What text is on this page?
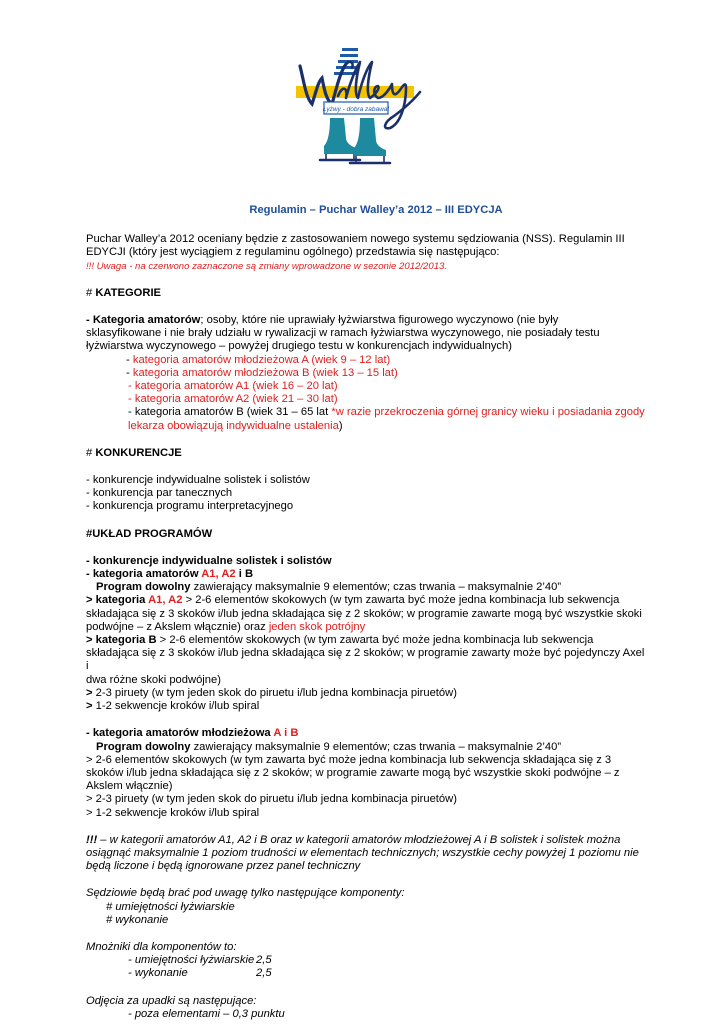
Łyżwy - dobra zabawa!

Regulamin – Puchar Walley’a 2012 – III EDYCJA

Puchar Walley’a 2012 oceniany będzie z zastosowaniem nowego systemu sędziowania (NSS). Regulamin III

EDYCJI (który jest wyciągiem z regulaminu ogólnego) przedstawia się następująco:

!!! Uwaga - na czerwono zaznaczone są zmiany wprowadzone w sezonie 2012/2013.

# KATEGORIE

- Kategoria amatorów; osoby, które nie uprawiały łyżwiarstwa figurowego wyczynowo (nie były

sklasyfikowane i nie brały udziału w rywalizacji w ramach łyżwiarstwa wyczynowego, nie posiadały testu

łyżwiarstwa wyczynowego – powyżej drugiego testu w konkurencjach indywidualnych)

- kategoria amatorów młodzieżowa A (wiek 9 – 12 lat)

- kategoria amatorów młodzieżowa B (wiek 13 – 15 lat)

- kategoria amatorów A1 (wiek 16 – 20 lat)

- kategoria amatorów A2 (wiek 21 – 30 lat)

- kategoria amatorów B (wiek 31 – 65 lat *w razie przekroczenia górnej granicy wieku i posiadania zgody

lekarza obowiązują indywidualne ustalenia)

# KONKURENCJE

- konkurencje indywidualne solistek i solistów

- konkurencja par tanecznych

- konkurencja programu interpretacyjnego

#UKŁAD PROGRAMÓW

- konkurencje indywidualne solistek i solistów

- kategoria amatorów A1, A2 i B

Program dowolny zawierający maksymalnie 9 elementów; czas trwania – maksymalnie 2’40”

> kategoria A1, A2 > 2-6 elementów skokowych (w tym zawarta być może jedna kombinacja lub sekwencja

składająca się z 3 skoków i/lub jedna składająca się z 2 skoków; w programie zawarte mogą być wszystkie skoki

podwójne – z Akslem włącznie) oraz jeden skok potrójny

> kategoria B > 2-6 elementów skokowych (w tym zawarta być może jedna kombinacja lub sekwencja

składająca się z 3 skoków i/lub jedna składająca się z 2 skoków; w programie zawarty może być pojedynczy Axel i

dwa różne skoki podwójne)

> 2-3 piruety (w tym jeden skok do piruetu i/lub jedna kombinacja piruetów)

> 1-2 sekwencje kroków i/lub spiral

- kategoria amatorów młodzieżowa A i B

Program dowolny zawierający maksymalnie 9 elementów; czas trwania – maksymalnie 2’40”

> 2-6 elementów skokowych (w tym zawarta być może jedna kombinacja lub sekwencja składająca się z 3

skoków i/lub jedna składająca się z 2 skoków; w programie zawarte mogą być wszystkie skoki podwójne – z

Akslem włącznie)

> 2-3 piruety (w tym jeden skok do piruetu i/lub jedna kombinacja piruetów)

> 1-2 sekwencje kroków i/lub spiral

!!! – w kategorii amatorów A1, A2 i B oraz w kategorii amatorów młodzieżowej A i B solistek i solistek można

osiągnąć maksymalnie 1 poziom trudności w elementach technicznych; wszystkie cechy powyżej 1 poziomu nie

będą liczone i będą ignorowane przez panel techniczny

Sędziowie będą brać pod uwagę tylko następujące komponenty:

# umiejętności łyżwiarskie

# wykonanie

Mnożniki dla komponentów to:

- umiejętności łyżwiarskie 2,5
- wykonanie	2,5

Odjęcia za upadki są następujące:

- poza elementami – 0,3 punktu
